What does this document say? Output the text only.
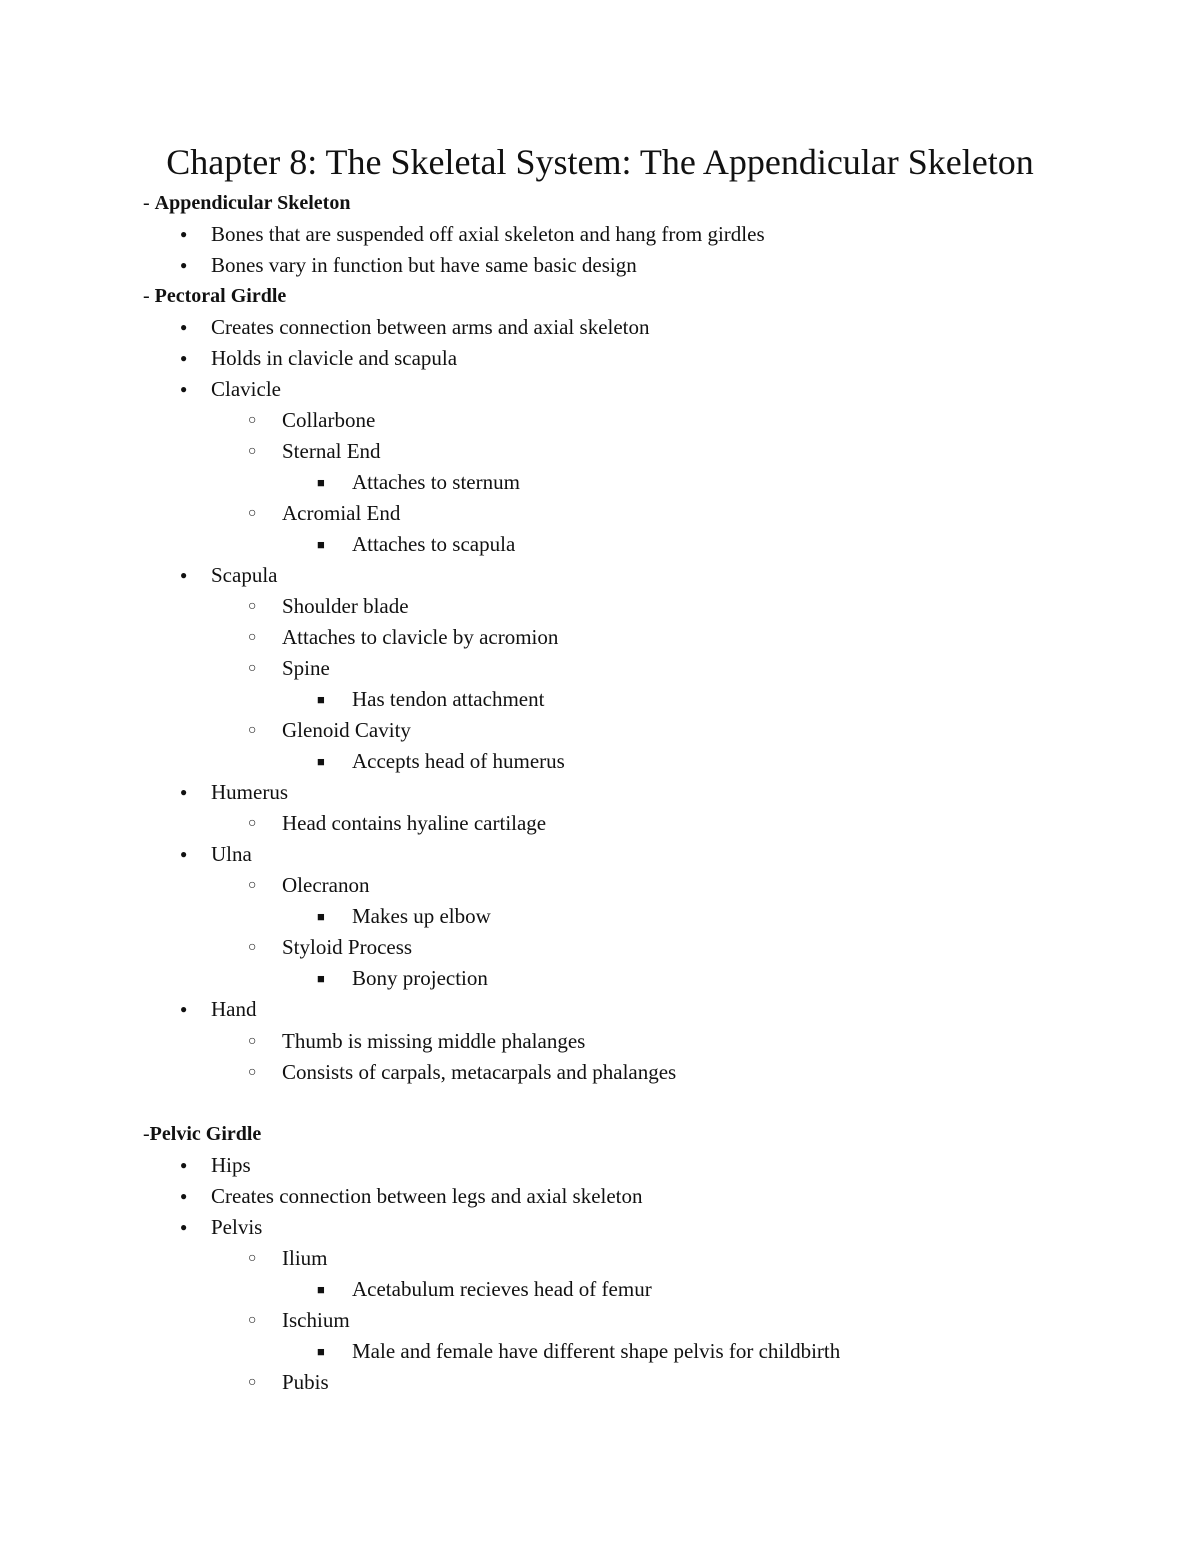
Chapter 8: The Skeletal System: The Appendicular Skeleton
- Appendicular Skeleton
● Bones that are suspended off axial skeleton and hang from girdles
● Bones vary in function but have same basic design
- Pectoral Girdle
● Creates connection between arms and axial skeleton
● Holds in clavicle and scapula
● Clavicle
○ Collarbone
○ Sternal End
■ Attaches to sternum
○ Acromial End
■ Attaches to scapula
● Scapula
○ Shoulder blade
○ Attaches to clavicle by acromion
○ Spine
■ Has tendon attachment
○ Glenoid Cavity
■ Accepts head of humerus
● Humerus
○ Head contains hyaline cartilage
● Ulna
○ Olecranon
■ Makes up elbow
○ Styloid Process
■ Bony projection
● Hand
○ Thumb is missing middle phalanges
○ Consists of carpals, metacarpals and phalanges
-Pelvic Girdle
● Hips
● Creates connection between legs and axial skeleton
● Pelvis
○ Ilium
■ Acetabulum recieves head of femur
○ Ischium
■ Male and female have different shape pelvis for childbirth
○ Pubis
